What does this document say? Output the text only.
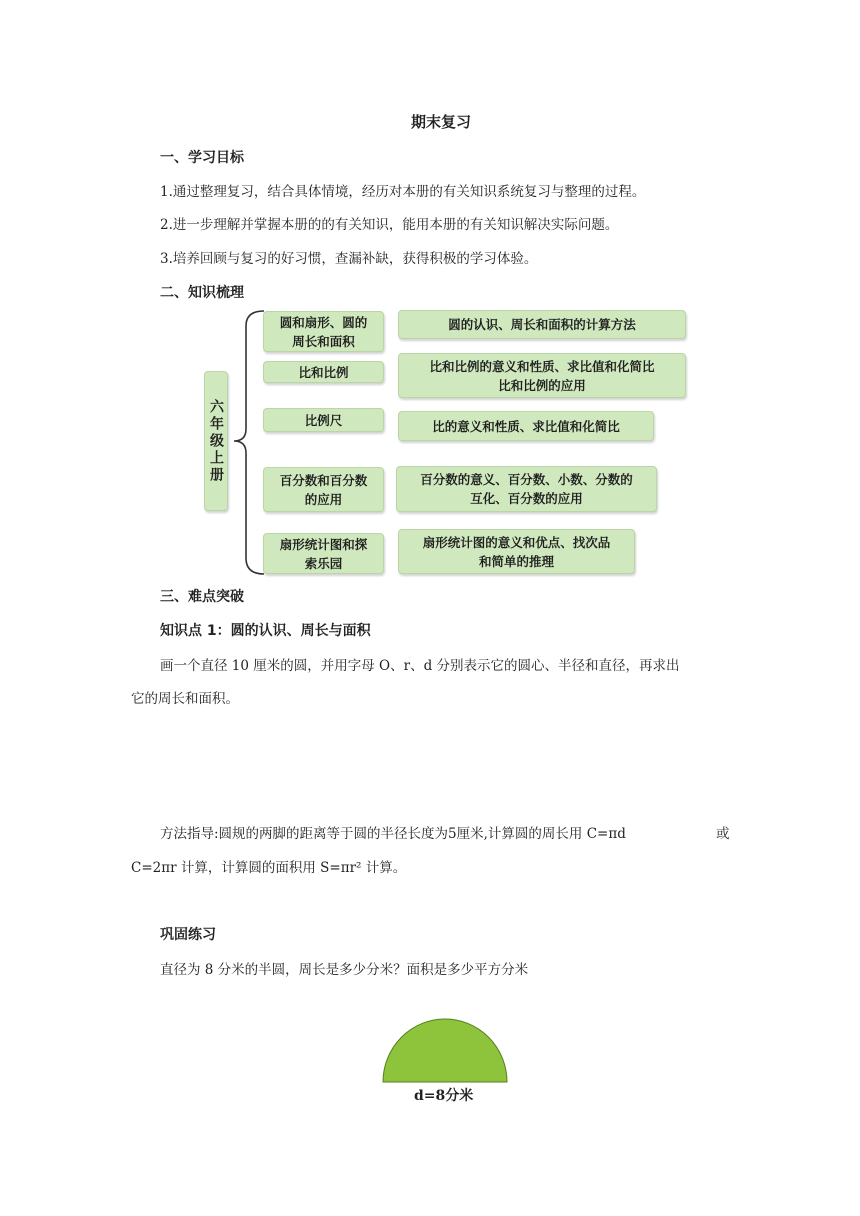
期末复习
一、学习目标
1.通过整理复习，结合具体情境，经历对本册的有关知识系统复习与整理的过程。
2.进一步理解并掌握本册的的有关知识，能用本册的有关知识解决实际问题。
3.培养回顾与复习的好习惯，查漏补缺，获得积极的学习体验。
二、知识梳理
六年级上册
圆和扇形、圆的
周长和面积
比和比例
比例尺
百分数和百分数
的应用
扇形统计图和探
索乐园
圆的认识、周长和面积的计算方法
比和比例的意义和性质、求比值和化简比
比和比例的应用
比的意义和性质、求比值和化简比
百分数的意义、百分数、小数、分数的
互化、百分数的应用
扇形统计图的意义和优点、找次品
和简单的推理
三、难点突破
知识点 1：圆的认识、周长与面积
画一个直径 10 厘米的圆，并用字母 O、r、d 分别表示它的圆心、半径和直径，再求出
它的周长和面积。
方法指导:圆规的两脚的距离等于圆的半径长度为5厘米,计算圆的周长用 C=πd	或
C=2πr 计算，计算圆的面积用 S=πr² 计算。
巩固练习
直径为 8 分米的半圆，周长是多少分米？面积是多少平方分米
d=8分米
